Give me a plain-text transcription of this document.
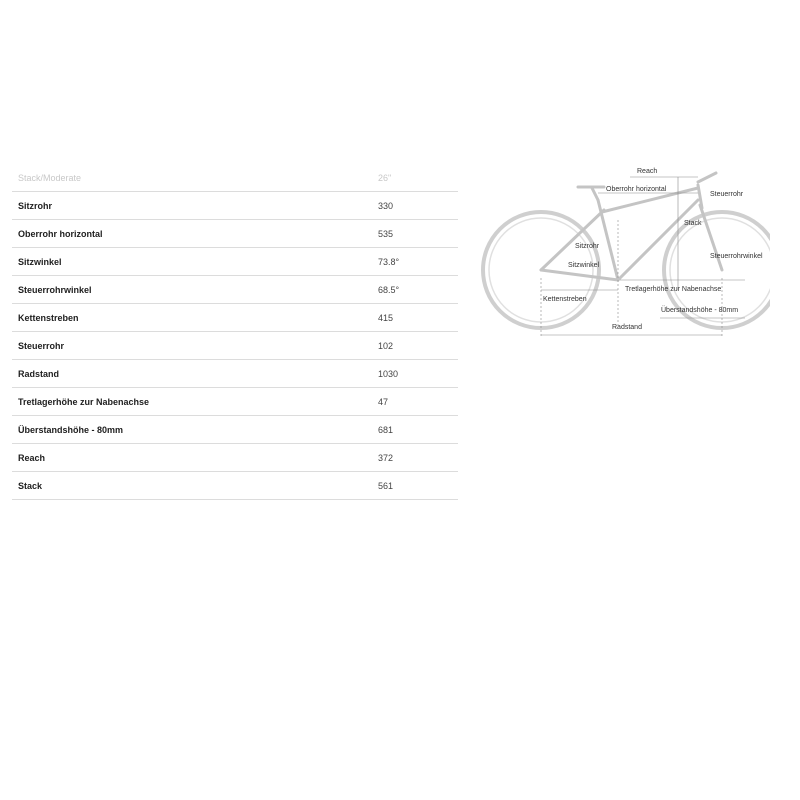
Stack/Moderate	26"
Sitzrohr	330
Oberrohr horizontal	535
Sitzwinkel	73.8°
Steuerrohrwinkel	68.5°
Kettenstreben	415
Steuerrohr	102
Radstand	1030
Tretlagerhöhe zur Nabenachse	47
Überstandshöhe - 80mm	681
Reach	372
Stack	561
Reach
Oberrohr horizontal
Steuerrohr
Stack
Sitzrohr
Steuerrohrwinkel
Sitzwinkel
Tretlagerhöhe zur Nabenachse
Kettenstreben
Überstandshöhe - 80mm
Radstand
